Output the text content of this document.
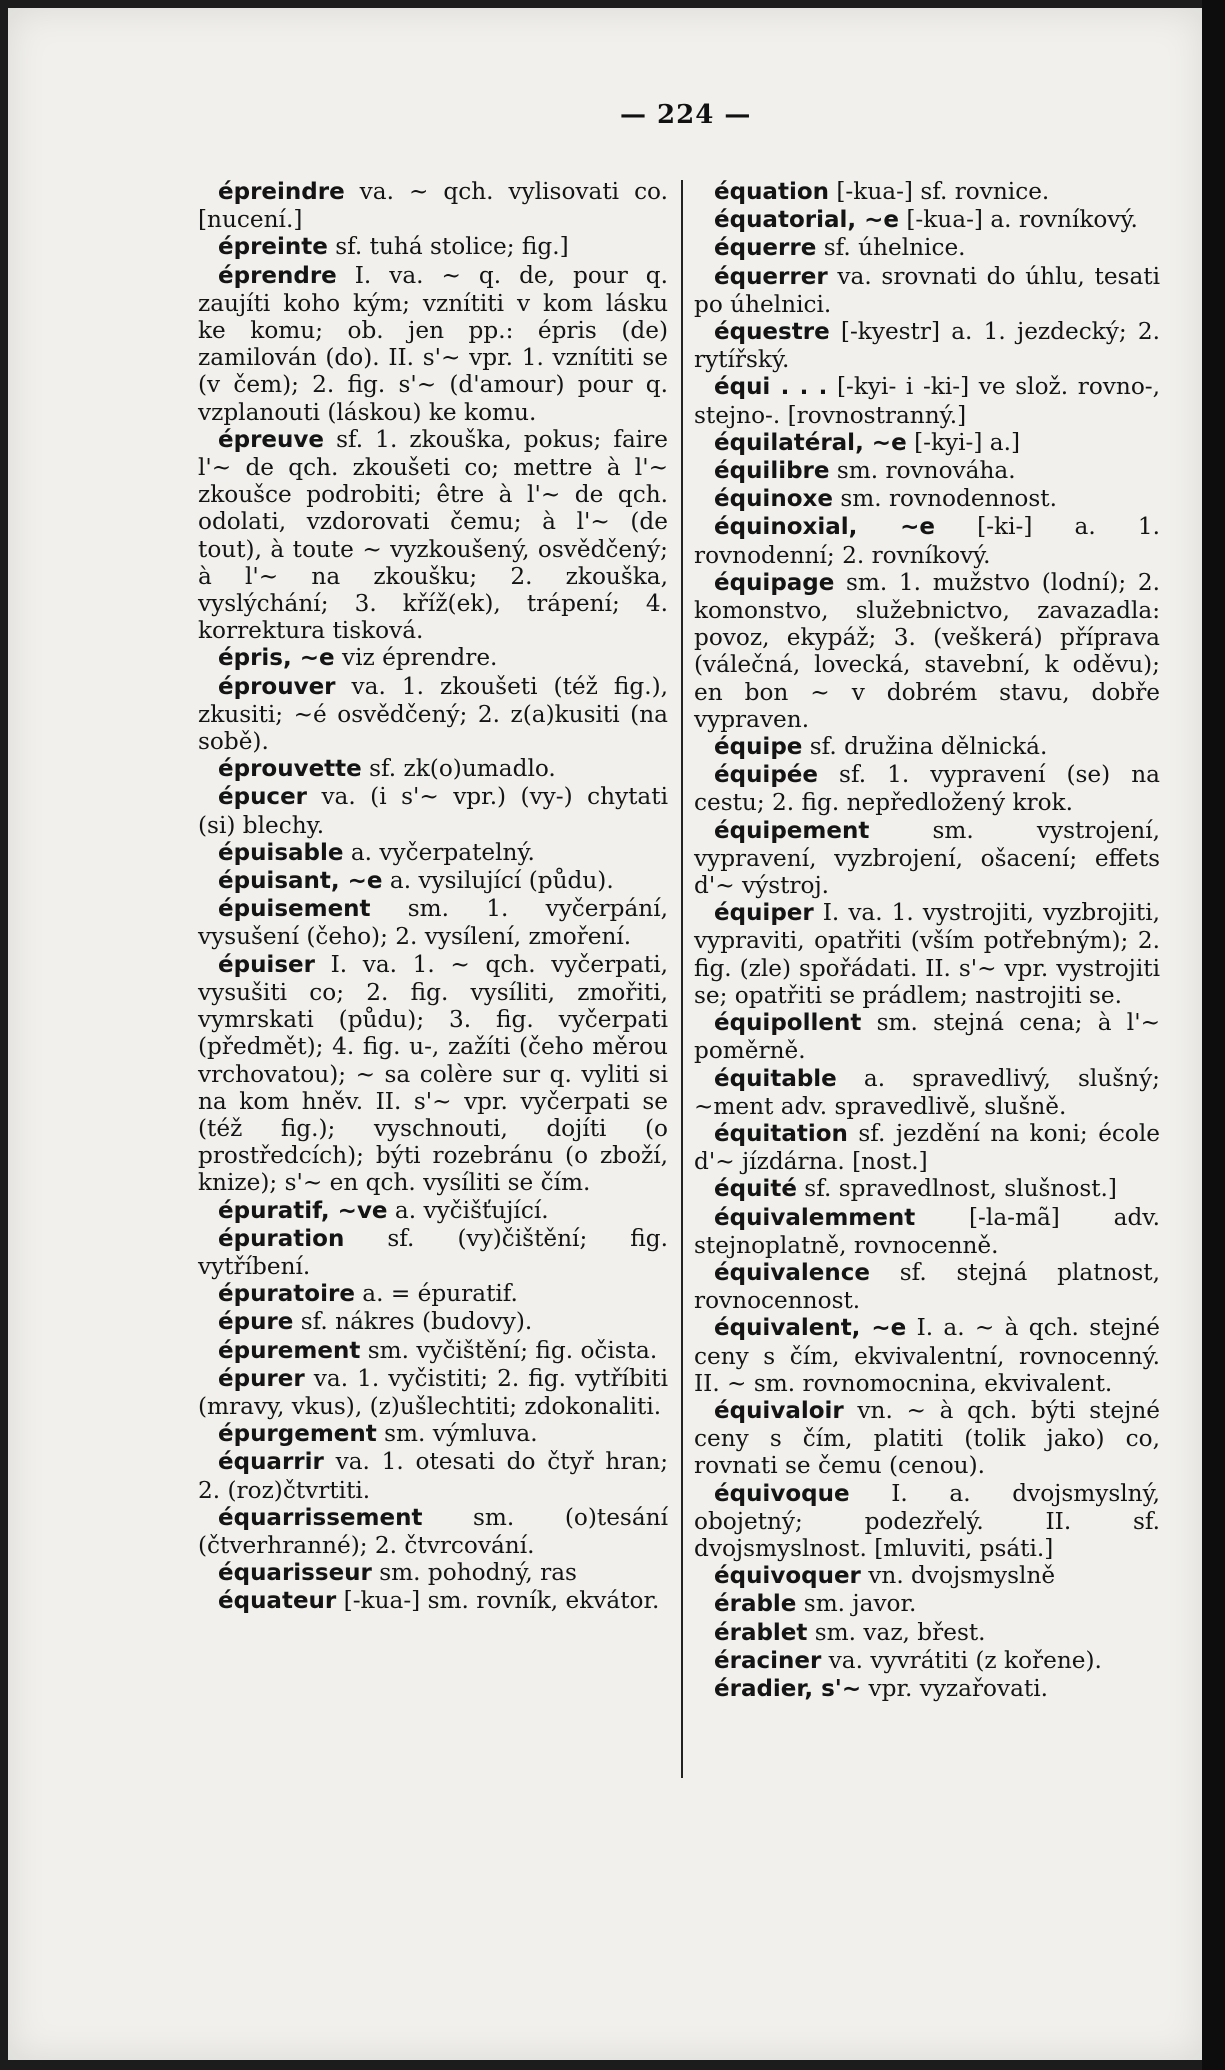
— 224 —

épreindre va. ~ qch. vylisovati co. [nucení.]

épreinte sf. tuhá stolice; fig.]

éprendre I. va. ~ q. de, pour q. zaujíti koho kým; vznítiti v kom lásku ke komu; ob. jen pp.: épris (de) zamilován (do). II. s'~ vpr. 1. vznítiti se (v čem); 2. fig. s'~ (d'amour) pour q. vzplanouti (láskou) ke komu.

épreuve sf. 1. zkouška, pokus; faire l'~ de qch. zkoušeti co; mettre à l'~ zkoušce podrobiti; être à l'~ de qch. odolati, vzdorovati čemu; à l'~ (de tout), à toute ~ vyzkoušený, osvědčený; à l'~ na zkoušku; 2. zkouška, vyslýchání; 3. kříž(ek), trápení; 4. korrektura tisková.

épris, ~e viz éprendre.

éprouver va. 1. zkoušeti (též fig.), zkusiti; ~é osvědčený; 2. z(a)kusiti (na sobě).

éprouvette sf. zk(o)umadlo.

épucer va. (i s'~ vpr.) (vy-) chytati (si) blechy.

épuisable a. vyčerpatelný.

épuisant, ~e a. vysilující (půdu).

épuisement sm. 1. vyčerpání, vysušení (čeho); 2. vysílení, zmoření.

épuiser I. va. 1. ~ qch. vyčerpati, vysušiti co; 2. fig. vysíliti, zmořiti, vymrskati (půdu); 3. fig. vyčerpati (předmět); 4. fig. u-, zažíti (čeho měrou vrchovatou); ~ sa colère sur q. vyliti si na kom hněv. II. s'~ vpr. vyčerpati se (též fig.); vyschnouti, dojíti (o prostředcích); býti rozebránu (o zboží, knize); s'~ en qch. vysíliti se čím.

épuratif, ~ve a. vyčišťující.

épuration sf. (vy)čištění; fig. vytříbení.

épuratoire a. = épuratif.

épure sf. nákres (budovy).

épurement sm. vyčištění; fig. očista.

épurer va. 1. vyčistiti; 2. fig. vytříbiti (mravy, vkus), (z)ušlechtiti; zdokonaliti.

épurgement sm. výmluva.

équarrir va. 1. otesati do čtyř hran; 2. (roz)čtvrtiti.

équarrissement sm. (o)tesání (čtverhranné); 2. čtvrcování.

équarisseur sm. pohodný, ras

équateur [-kua-] sm. rovník, ekvátor.

équation [-kua-] sf. rovnice.

équatorial, ~e [-kua-] a. rovníkový.

équerre sf. úhelnice.

équerrer va. srovnati do úhlu, tesati po úhelnici.

équestre [-kyestr] a. 1. jezdecký; 2. rytířský.

équi . . . [-kyi- i -ki-] ve slož. rovno-, stejno-. [rovnostranný.]

équilatéral, ~e [-kyi-] a.]

équilibre sm. rovnováha.

équinoxe sm. rovnodennost.

équinoxial, ~e [-ki-] a. 1. rovnodenní; 2. rovníkový.

équipage sm. 1. mužstvo (lodní); 2. komonstvo, služebnictvo, zavazadla: povoz, ekypáž; 3. (veškerá) příprava (válečná, lovecká, stavební, k oděvu); en bon ~ v dobrém stavu, dobře vypraven.

équipe sf. družina dělnická.

équipée sf. 1. vypravení (se) na cestu; 2. fig. nepředložený krok.

équipement	sm. vystrojení, vypravení, vyzbrojení, ošacení; effets d'~ výstroj.

équiper I. va. 1. vystrojiti, vyzbrojiti, vypraviti, opatřiti (vším potřebným); 2. fig. (zle) spořádati. II. s'~ vpr. vystrojiti se; opatřiti se prádlem; nastrojiti se.

équipollent sm. stejná cena; à l'~ poměrně.

équitable a. spravedlivý, slušný; ~ment adv. spravedlivě, slušně.

équitation sf. jezdění na koni; école d'~ jízdárna. [nost.]

équité sf. spravedlnost, slušnost.]

équivalemment [-la-mã] adv. stejnoplatně, rovnocenně.

équivalence sf. stejná platnost, rovnocennost.

équivalent, ~e I. a. ~ à qch. stejné ceny s čím, ekvivalentní, rovnocenný. II. ~ sm. rovnomocnina, ekvivalent.

équivaloir vn. ~ à qch. býti stejné ceny s čím, platiti (tolik jako) co, rovnati se čemu (cenou).

équivoque I. a. dvojsmyslný, obojetný; podezřelý. II. sf. dvojsmyslnost. [mluviti, psáti.]

équivoquer vn. dvojsmyslně

érable sm. javor.

érablet sm. vaz, břest.

éraciner va. vyvrátiti (z kořene).

éradier, s'~ vpr. vyzařovati.
